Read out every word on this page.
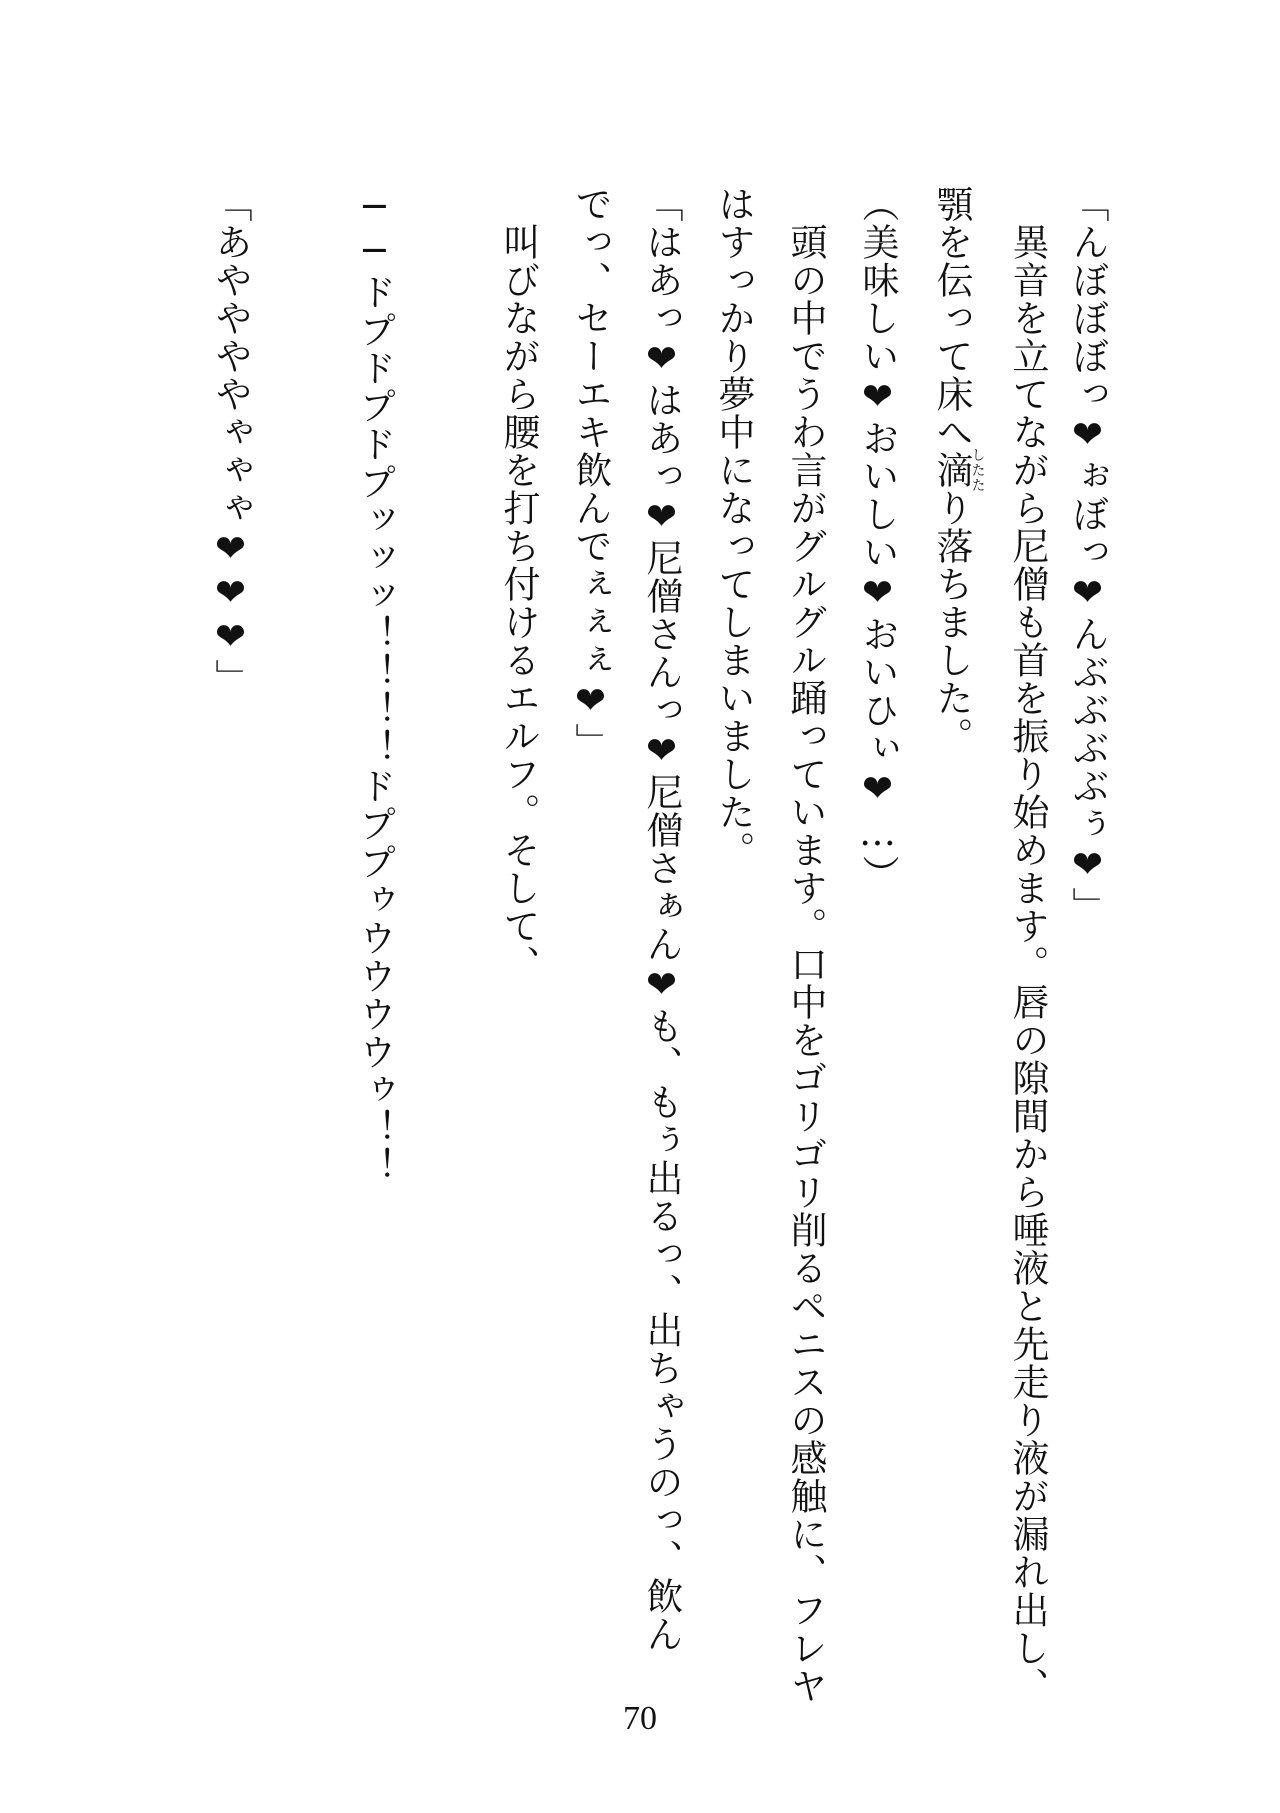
「んぼぼぼっ❤ぉぼっ❤んぶぶぶぶぅ❤」
　異音を立てながら尼僧も首を振り始めます。唇の隙間から唾液と先走り液が漏れ出し、
顎を伝って床へ滴したたり落ちました。
（美味しい❤おいしい❤おいひぃ❤…）
　頭の中でうわ言がグルグル踊っています。口中をゴリゴリ削るペニスの感触に、フレヤ
はすっかり夢中になってしまいました。
「はあっ❤はあっ❤尼僧さんっ❤尼僧さぁん❤も、もぅ出るっ、出ちゃうのっ、飲ん
でっ、セーエキ飲んでぇぇぇ❤」
　叫びながら腰を打ち付けるエルフ。そして、
──ドプドプドプッッッ！！！！ドププゥウウウウゥ！！
「あややややゃゃゃ❤❤❤」
70
